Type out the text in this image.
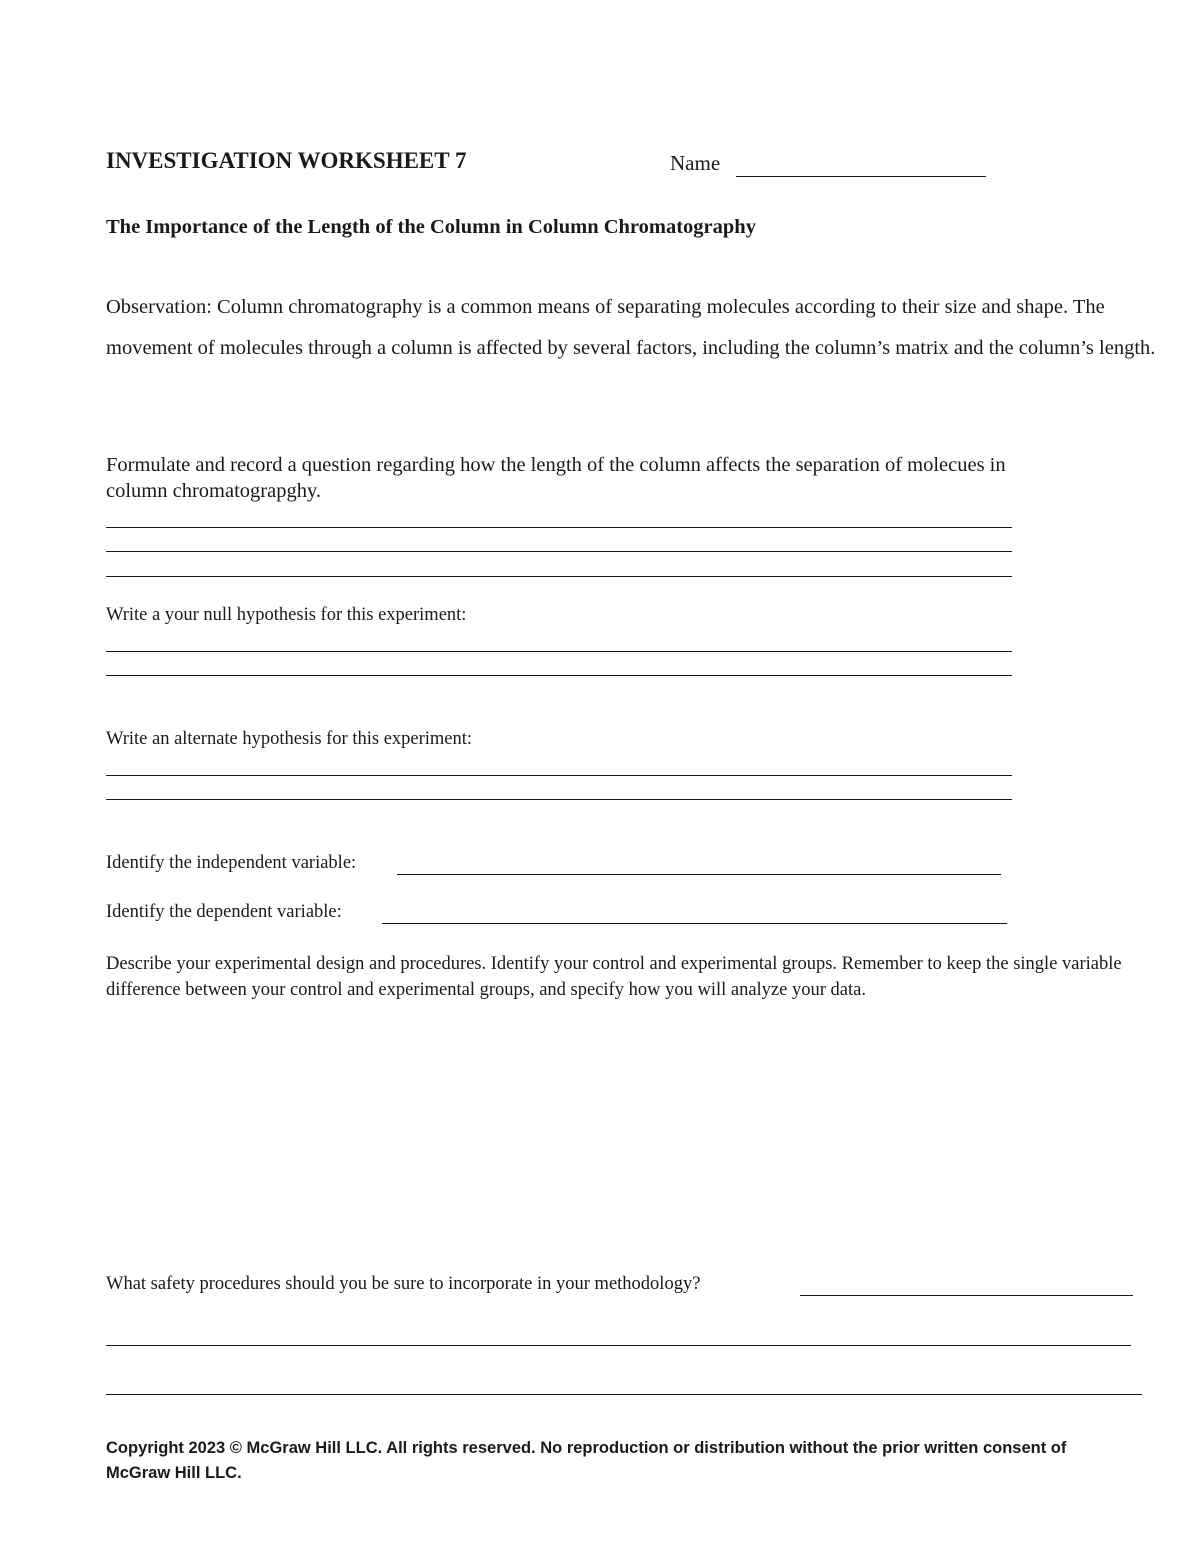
INVESTIGATION WORKSHEET 7	Name
The Importance of the Length of the Column in Column Chromatography

Observation: Column chromatography is a common means of separating molecules according to their size and shape. The movement of molecules through a column is affected by several factors, including the column’s matrix and the column’s length.

Formulate and record a question regarding how the length of the column affects the separation of molecues in column chromatograpghy.

Write a your null hypothesis for this experiment:

Write an alternate hypothesis for this experiment:

Identify the independent variable:

Identify the dependent variable:

Describe your experimental design and procedures. Identify your control and experimental groups. Remember to keep the single variable difference between your control and experimental groups, and specify how you will analyze your data.

What safety procedures should you be sure to incorporate in your methodology?

Copyright 2023 © McGraw Hill LLC. All rights reserved. No reproduction or distribution without the prior written consent of McGraw Hill LLC.
